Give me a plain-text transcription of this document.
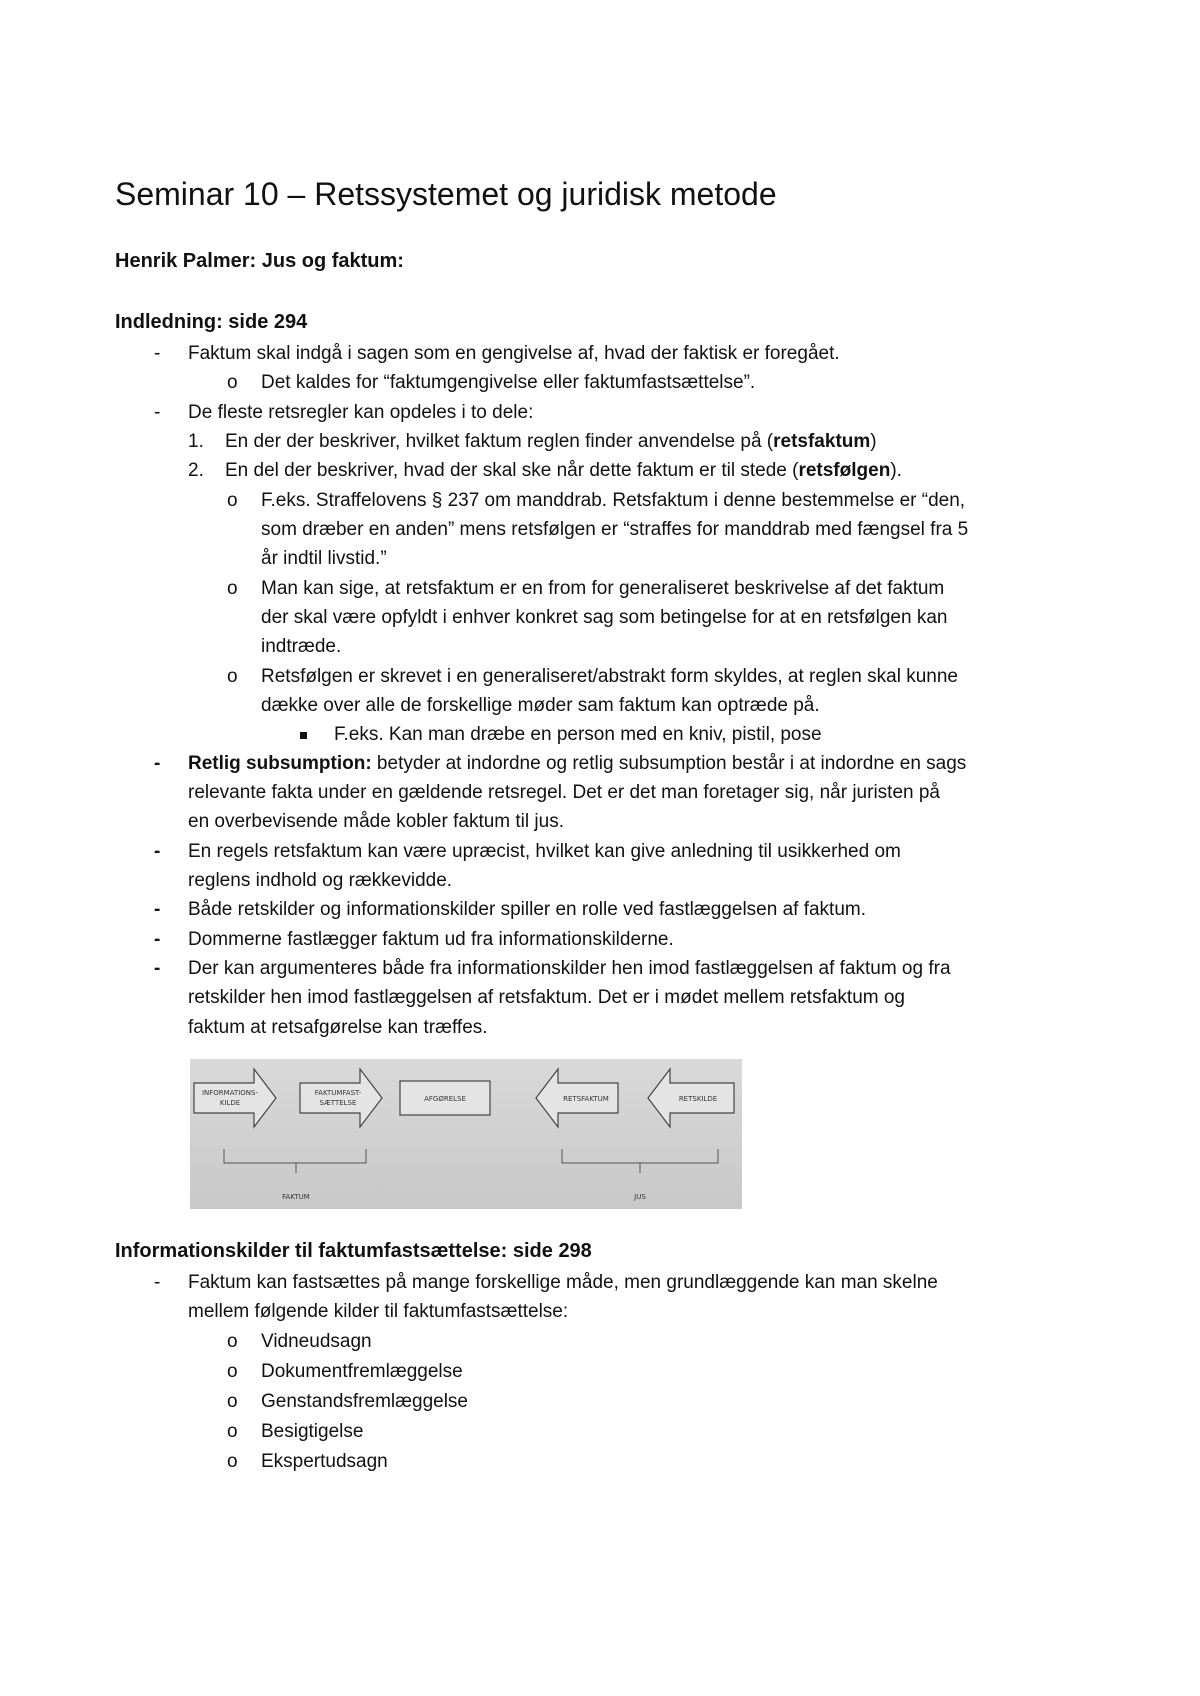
Seminar 10 – Retssystemet og juridisk metode
Henrik Palmer: Jus og faktum:
Indledning: side 294
- Faktum skal indgå i sagen som en gengivelse af, hvad der faktisk er foregået.
o Det kaldes for “faktumgengivelse eller faktumfastsættelse”.
- De fleste retsregler kan opdeles i to dele:
1. En der der beskriver, hvilket faktum reglen finder anvendelse på (retsfaktum)
2. En del der beskriver, hvad der skal ske når dette faktum er til stede (retsfølgen).
o F.eks. Straffelovens § 237 om manddrab. Retsfaktum i denne bestemmelse er “den,
som dræber en anden” mens retsfølgen er “straffes for manddrab med fængsel fra 5
år indtil livstid.”
o Man kan sige, at retsfaktum er en from for generaliseret beskrivelse af det faktum
der skal være opfyldt i enhver konkret sag som betingelse for at en retsfølgen kan
indtræde.
o Retsfølgen er skrevet i en generaliseret/abstrakt form skyldes, at reglen skal kunne
dække over alle de forskellige møder sam faktum kan optræde på.
F.eks. Kan man dræbe en person med en kniv, pistil, pose
- Retlig subsumption: betyder at indordne og retlig subsumption består i at indordne en sags
relevante fakta under en gældende retsregel. Det er det man foretager sig, når juristen på
en overbevisende måde kobler faktum til jus.
- En regels retsfaktum kan være upræcist, hvilket kan give anledning til usikkerhed om
reglens indhold og rækkevidde.
- Både retskilder og informationskilder spiller en rolle ved fastlæggelsen af faktum.
- Dommerne fastlægger faktum ud fra informationskilderne.
- Der kan argumenteres både fra informationskilder hen imod fastlæggelsen af faktum og fra
retskilder hen imod fastlæggelsen af retsfaktum. Det er i mødet mellem retsfaktum og
faktum at retsafgørelse kan træffes.
INFORMATIONS-
KILDE
FAKTUMFAST-
SÆTTELSE	AFGØRELSE	RETSFAKTUM	RETSKILDE
FAKTUM	JUS
Informationskilder til faktumfastsættelse: side 298
- Faktum kan fastsættes på mange forskellige måde, men grundlæggende kan man skelne
mellem følgende kilder til faktumfastsættelse:
o Vidneudsagn
o Dokumentfremlæggelse
o Genstandsfremlæggelse
o Besigtigelse
o Ekspertudsagn
